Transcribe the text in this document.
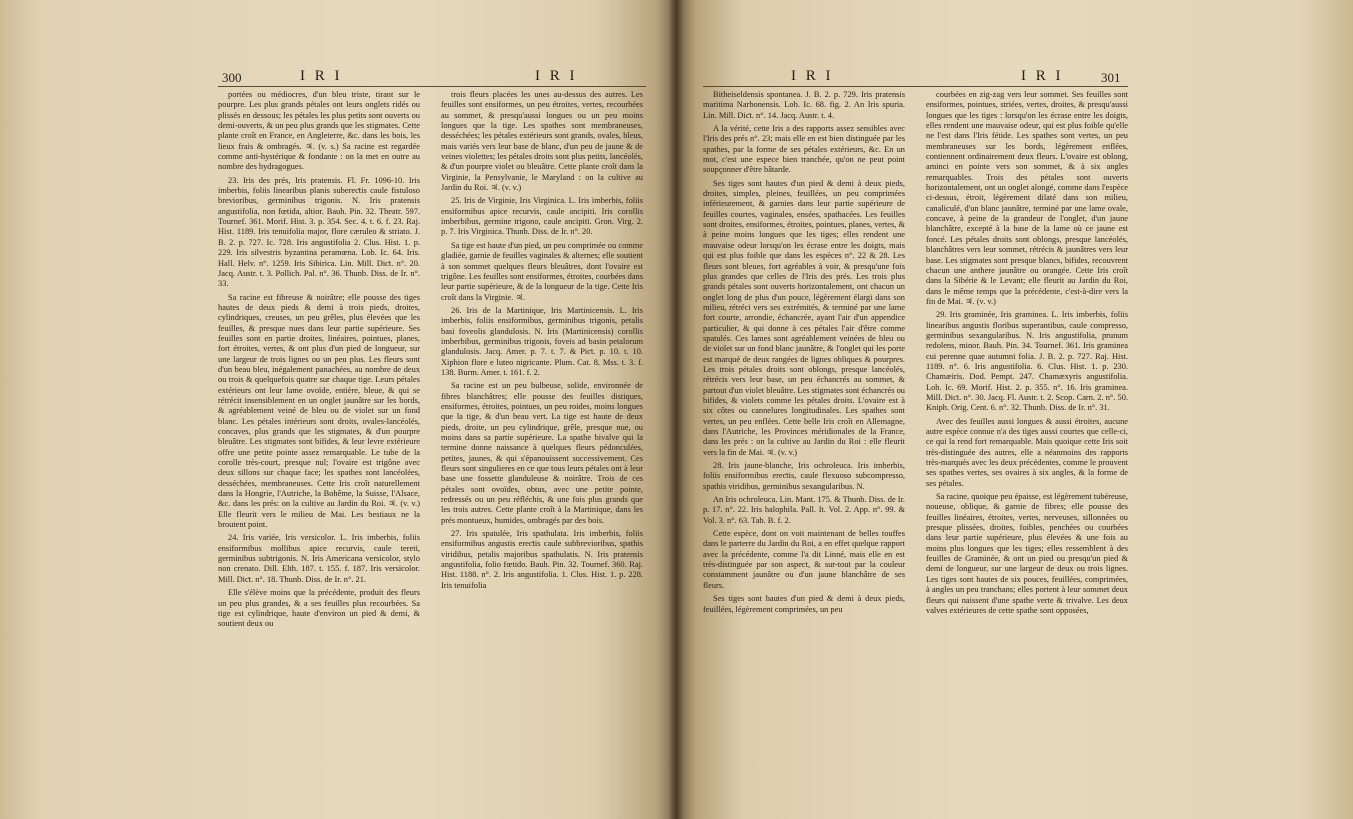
300	I R I	I R I

portées ou médiocres, d'un bleu triste, tirant sur le pourpre. Les plus grands pétales ont leurs onglets ridés ou plissés en dessous; les pétales les plus petits sont ouverts ou demi-ouverts, & un peu plus grands que les stigmates. Cette plante croît en France, en Angleterre, &c. dans les bois, les lieux frais & ombragés. ♃. (v. s.) Sa racine est regardée comme anti-hystérique & fondante : on la met en outre au nombre des hydragogues.

23. Iris des prés, Iris pratensis. Fl. Fr. 1096-10. Iris imberbis, foliis linearibus planis subereƈtis caule fistuloso brevioribus, germinibus trigonis. N. Iris pratensis angustifolia, non fœtida, altior. Bauh. Pin. 32. Theatr. 597. Tournef. 361. Morif. Hist. 3. p. 354. Sec. 4. t. 6. f. 23. Raj. Hist. 1189. Iris tenuifolia major, flore cæruleo & striato. J. B. 2. p. 727. Ic. 728. Iris angustifolia 2. Clus. Hist. 1. p. 229. Iris silvestris byzantina peramœna. Lob. Ic. 64. Iris. Hall. Helv. n°. 1259. Iris Sibirica. Lin. Mill. Diƈt. n°. 20. Jacq. Austr. t. 3. Pollich. Pal. n°. 36. Thunb. Diss. de Ir. n°. 33.

Sa racine est fibreuse & noirâtre; elle pousse des tiges hautes de deux pieds & demi à trois pieds, droites, cylindriques, creuses, un peu grêles, plus élevées que les feuilles, & presque nues dans leur partie supérieure. Ses feuilles sont en partie droites, linéaires, pointues, planes, fort étroites, vertes, & ont plus d'un pied de longueur, sur une largeur de trois lignes ou un peu plus. Les fleurs sont d'un beau bleu, inégalement panachées, au nombre de deux ou trois & quelquefois quatre sur chaque tige. Leurs pétales extérieurs ont leur lame ovoïde, entière, bleue, & qui se rétrécit insensiblement en un onglet jaunâtre sur les bords, & agréablement veiné de bleu ou de violet sur un fond blanc. Les pétales intérieurs sont droits, ovales-lancéolés, concaves, plus grands que les stigmates, & d'un pourpre bleuâtre. Les stigmates sont bifides, & leur levre extérieure offre une petite pointe assez remarquable. Le tube de la corolle très-court, presque nul; l'ovaire est trigône avec deux sillons sur chaque face; les spathes sont lancéolées, desséchées, membraneuses. Cette Iris croît naturellement dans la Hongrie, l'Autriche, la Bohême, la Suisse, l'Alsace, &c. dans les prés: on la cultive au Jardin du Roi. ♃. (v. v.) Elle fleurit vers le milieu de Mai. Les bestiaux ne la broutent point.

24. Iris variée, Iris versicolor. L. Iris imberbis, foliis ensiformibus mollibus apice recurvis, caule tereti, germinibus subtrigonis. N. Iris Americana versicolor, stylo non crenato. Dill. Elth. 187. t. 155. f. 187. Iris versicolor. Mill. Diƈt. n°. 18. Thunb. Diss. de Ir. n°. 21.

Elle s'élève moins que la précédente, produit des fleurs un peu plus grandes, & a ses feuilles plus recourbées. Sa tige est cylindrique, haute d'environ un pied & demi, & soutient deux ou

trois fleurs placées les unes au-dessus des autres. Les feuilles sont ensiformes, un peu étroites, vertes, recourbées au sommet, & presqu'aussi longues ou un peu moins longues que la tige. Les spathes sont membraneuses, desséchées; les pétales extérieurs sont grands, ovales, bleus, mais variés vers leur base de blanc, d'un peu de jaune & de veines violettes; les pétales droits sont plus petits, lancéolés, & d'un pourpre violet ou bleuâtre. Cette plante croît dans la Virginie, la Pensylvanie, le Maryland : on la cultive au Jardin du Roi. ♃. (v. v.)

25. Iris de Virginie, Iris Virginica. L. Iris imberbis, foliis ensiformibus apice recurvis, caule ancipiti. Iris corollis imberbibus, germine trigono, caule ancipiti. Gron. Virg. 2. p. 7. Iris Virginica. Thunb. Diss. de Ir. n°. 20.

Sa tige est haute d'un pied, un peu comprimée ou comme gladiée, garnie de feuilles vaginales & alternes; elle soutient à son sommet quelques fleurs bleuâtres, dont l'ovaire est trigône. Les feuilles sont ensiformes, étroites, courbées dans leur partie supérieure, & de la longueur de la tige. Cette Iris croît dans la Virginie. ♃.

26. Iris de la Martinique, Iris Martinicensis. L. Iris imberbis, foliis ensiformibus, germinibus trigonis, petalis basi foveolis glandulosis. N. Iris (Martinicensis) corollis imberbibus, germinibus trigonis, foveis ad basin petalorum glandulosis. Jacq. Amer. p. 7. t. 7. & Piƈt. p. 10. t. 10. Xiphion flore e luteo nigricante. Plum. Cat. 8. Mss. t. 3. f. 138. Burm. Amer. t. 161. f. 2.

Sa racine est un peu bulbeuse, solide, environnée de fibres blanchâtres; elle pousse des feuilles distiques, ensiformes, étroites, pointues, un peu roides, moins longues que la tige, & d'un beau vert. La tige est haute de deux pieds, droite, un peu cylindrique, grêle, presque nue, ou moins dans sa partie supérieure. La spathe bivalve qui la termine donne naissance à quelques fleurs pédonculées, petites, jaunes, & qui s'épanouissent successivement. Ces fleurs sont singulieres en ce que tous leurs pétales ont à leur base une fossette glanduleuse & noirâtre. Trois de ces pétales sont ovoïdes, obtus, avec une petite pointe, redressés ou un peu réfléchis, & une fois plus grands que les trois autres. Cette plante croît à la Martinique, dans les prés montueux, humides, ombragés par des bois.

27. Iris spatulée, Iris spathulata. Iris imberbis, foliis ensiformibus angustis ereƈtis caule subbrevioribus, spathis viridibus, petalis majoribus spathulatis. N. Iris pratensis angustifolia, folio fœtido. Bauh. Pin. 32. Tournef. 360. Raj. Hist. 1188. n°. 2. Iris angustifolia. 1. Clus. Hist. 1. p. 228. Iris tenuifolia

I R I	I R I	301

Bitheiseldensis spontanea. J. B. 2. p. 729. Iris pratensis maritima Narbonensis. Lob. Ic. 68. fig. 2. An Iris spuria. Lin. Mill. Diƈt. n°. 14. Jacq. Austr. t. 4.

A la vérité, cette Iris a des rapports assez sensibles avec l'Iris des prés n°. 23; mais elle en est bien distinguée par les spathes, par la forme de ses pétales extérieurs, &c. En un mot, c'est une espece bien tranchée, qu'on ne peut point soupçonner d'être bâtarde.

Ses tiges sont hautes d'un pied & demi à deux pieds, droites, simples, pleines, feuillées, un peu comprimées inférieurement, & garnies dans leur partie supérieure de feuilles courtes, vaginales, ensées, spathacées. Les feuilles sont droites, ensiformes, étroites, pointues, planes, vertes, & à peine moins longues que les tiges; elles rendent une mauvaise odeur lorsqu'on les écrase entre les doigts, mais qui est plus foible que dans les espèces n°. 22 & 28. Les fleurs sont bleues, fort agréables à voir, & presqu'une fois plus grandes que celles de l'Iris des prés. Les trois plus grands pétales sont ouverts horizontalement, ont chacun un onglet long de plus d'un pouce, légèrement élargi dans son milieu, rétréci vers ses extrémités, & terminé par une lame fort courte, arrondie, échancrée, ayant l'air d'un appendice particulier, & qui donne à ces pétales l'air d'être comme spatulés. Ces lames sont agréablement veinées de bleu ou de violet sur un fond blanc jaunâtre, & l'onglet qui les porte est marqué de deux rangées de lignes obliques & pourpres. Les trois pétales droits sont oblongs, presque lancéolés, rétrécis vers leur base, un peu échancrés au sommet, & partout d'un violet bleuâtre. Les stigmates sont échancrés ou bifides, & violets comme les pétales droits. L'ovaire est à six côtes ou cannelures longitudinales. Les spathes sont vertes, un peu enflées. Cette belle Iris croît en Allemagne, dans l'Autriche, les Provinces méridionales de la France, dans les prés : on la cultive au Jardin du Roi : elle fleurit vers la fin de Mai. ♃. (v. v.)

28. Iris jaune-blanche, Iris ochroleuca. Iris imberbis, foliis ensiformibus ereƈtis, caule flexuoso subcompresso, spathis viridibus, germinibus sexangularibus. N.

An Iris ochroleuca. Lin. Mant. 175. & Thunb. Diss. de Ir. p. 17. n°. 22. Iris halophila. Pall. It. Vol. 2. App. n°. 99. & Vol. 3. n°. 63. Tab. B. f. 2.

Cette espèce, dont on voit maintenant de belles touffes dans le parterre du Jardin du Roi, a en effet quelque rapport avec la précédente, comme l'a dit Linné, mais elle en est très-distinguée par son aspect, & sur-tout par la couleur constamment jaunâtre ou d'un jaune blanchâtre de ses fleurs.

Ses tiges sont hautes d'un pied & demi à deux pieds, feuillées, légèrement comprimées, un peu

courbées en zig-zag vers leur sommet. Ses feuilles sont ensiformes, pointues, striées, vertes, droites, & presqu'aussi longues que les tiges : lorsqu'on les écrase entre les doigts, elles rendent une mauvaise odeur, qui est plus foible qu'elle ne l'est dans l'Iris fétide. Les spathes sont vertes, un peu membraneuses sur les bords, légèrement enflées, contiennent ordinairement deux fleurs. L'ovaire est oblong, aminci en pointe vers son sommet, & à six angles remarquables. Trois des pétales sont ouverts horizontalement, ont un onglet alongé, comme dans l'espèce ci-dessus, étroit, légèrement dilaté dans son milieu, canaliculé, d'un blanc jaunâtre, terminé par une lame ovale, concave, à peine de la grandeur de l'onglet, d'un jaune blanchâtre, excepté à la base de la lame où ce jaune est foncé. Les pétales droits sont oblongs, presque lancéolés, blanchâtres vers leur sommet, rétrécis & jaunâtres vers leur base. Les stigmates sont presque blancs, bifides, recouvrent chacun une anthere jaunâtre ou orangée. Cette Iris croît dans la Sibérie & le Levant; elle fleurit au Jardin du Roi, dans le même temps que la précédente, c'est-à-dire vers la fin de Mai. ♃. (v. v.)

29. Iris graminée, Iris graminea. L. Iris imberbis, foliis linearibus angustis floribus superantibus, caule compresso, germinibus sexangularibus. N. Iris angustifolia, prunum redolens, minor. Bauh. Pin. 34. Tournef. 361. Iris graminea cui perenne quae autumni folia. J. B. 2. p. 727. Raj. Hist. 1189. n°. 6. Iris angustifolia. 6. Clus. Hist. 1. p. 230. Chamæiris. Dod. Pempt. 247. Chamæxyris angustifolia. Lob. Ic. 69. Morif. Hist. 2. p. 355. n°. 16. Iris graminea. Mill. Diƈt. n°. 30. Jacq. Fl. Austr. t. 2. Scop. Carn. 2. n°. 50. Kniph. Orig. Cent. 6. n°. 32. Thunb. Diss. de Ir. n°. 31.

Avec des feuilles aussi longues & aussi étroites, aucune autre espèce connue n'a des tiges aussi courtes que celle-ci, ce qui la rend fort remarquable. Mais quoique cette Iris soit très-distinguée des autres, elle a néanmoins des rapports très-marqués avec les deux précédentes, comme le prouvent ses spathes vertes, ses ovaires à six angles, & la forme de ses pétales.

Sa racine, quoique peu épaisse, est légèrement tubéreuse, noueuse, oblique, & garnie de fibres; elle pousse des feuilles linéaires, étroites, vertes, nerveuses, sillonnées ou presque plissées, droites, foibles, penchées ou courbées dans leur partie supérieure, plus élevées & une fois au moins plus longues que les tiges; elles ressemblent à des feuilles de Graminée, & ont un pied ou presqu'un pied & demi de longueur, sur une largeur de deux ou trois lignes. Les tiges sont hautes de six pouces, feuillées, comprimées, à angles un peu tranchans; elles portent à leur sommet deux fleurs qui naissent d'une spathe verte & trivalve. Les deux valves extérieures de cette spathe sont opposées,
